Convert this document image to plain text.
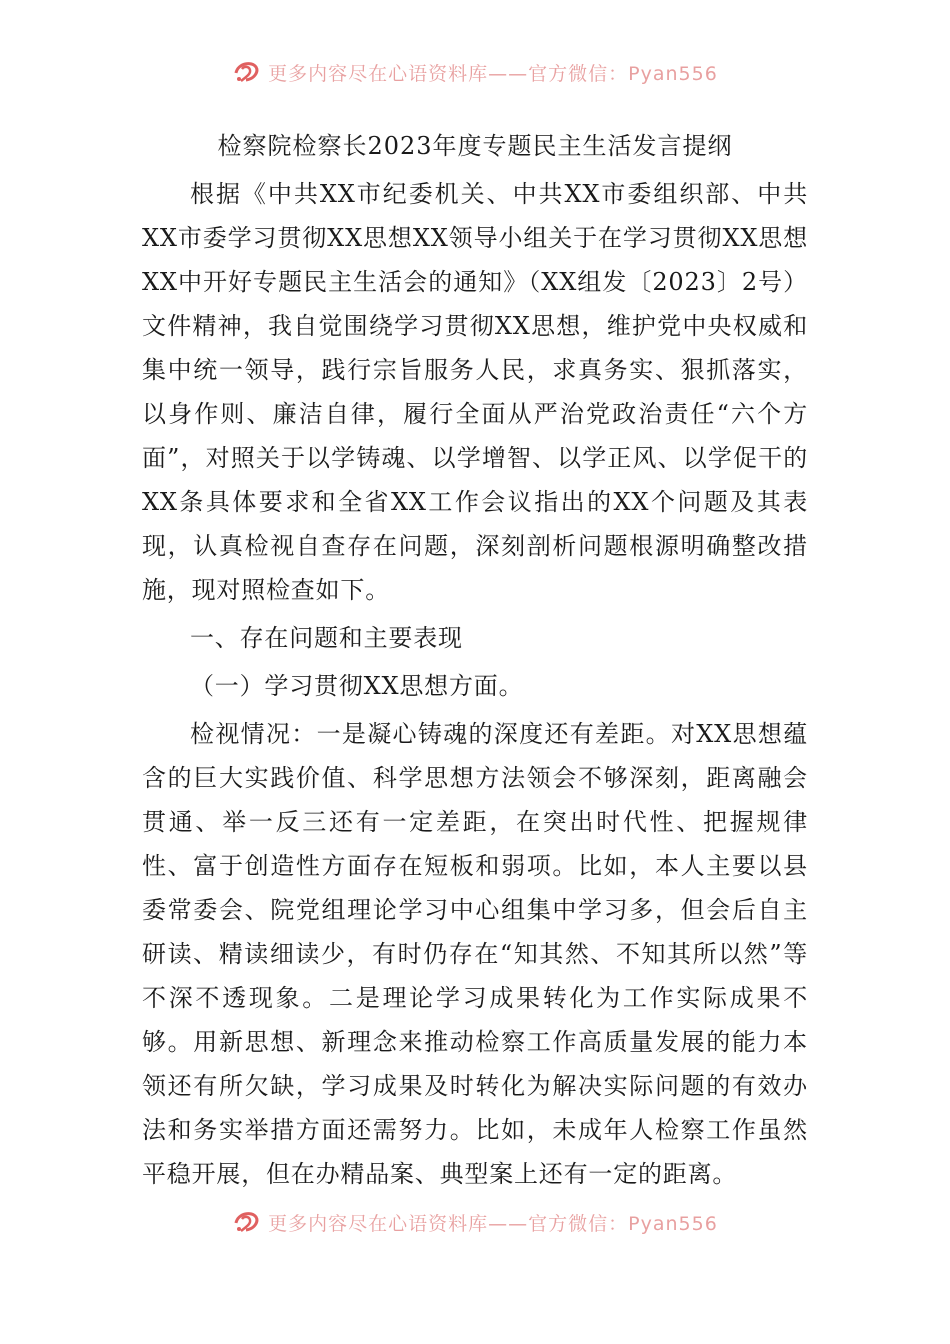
更多内容尽在心语资料库——官方微信：Pyan556

检察院检察长2023年度专题民主生活发言提纲

根据《中共XX市纪委机关、中共XX市委组织部、中共XX市委学习贯彻XX思想XX领导小组关于在学习贯彻XX思想XX中开好专题民主生活会的通知》（XX组发〔2023〕2号）文件精神，我自觉围绕学习贯彻XX思想，维护党中央权威和集中统一领导，践行宗旨服务人民，求真务实、狠抓落实，以身作则、廉洁自律，履行全面从严治党政治责任“六个方面”，对照关于以学铸魂、以学增智、以学正风、以学促干的XX条具体要求和全省XX工作会议指出的XX个问题及其表现，认真检视自查存在问题，深刻剖析问题根源明确整改措施，现对照检查如下。

一、存在问题和主要表现

（一）学习贯彻XX思想方面。

检视情况：一是凝心铸魂的深度还有差距。对XX思想蕴含的巨大实践价值、科学思想方法领会不够深刻，距离融会贯通、举一反三还有一定差距，在突出时代性、把握规律性、富于创造性方面存在短板和弱项。比如，本人主要以县委常委会、院党组理论学习中心组集中学习多，但会后自主研读、精读细读少，有时仍存在“知其然、不知其所以然”等不深不透现象。二是理论学习成果转化为工作实际成果不够。用新思想、新理念来推动检察工作高质量发展的能力本领还有所欠缺，学习成果及时转化为解决实际问题的有效办法和务实举措方面还需努力。比如，未成年人检察工作虽然平稳开展，但在办精品案、典型案上还有一定的距离。

更多内容尽在心语资料库——官方微信：Pyan556
